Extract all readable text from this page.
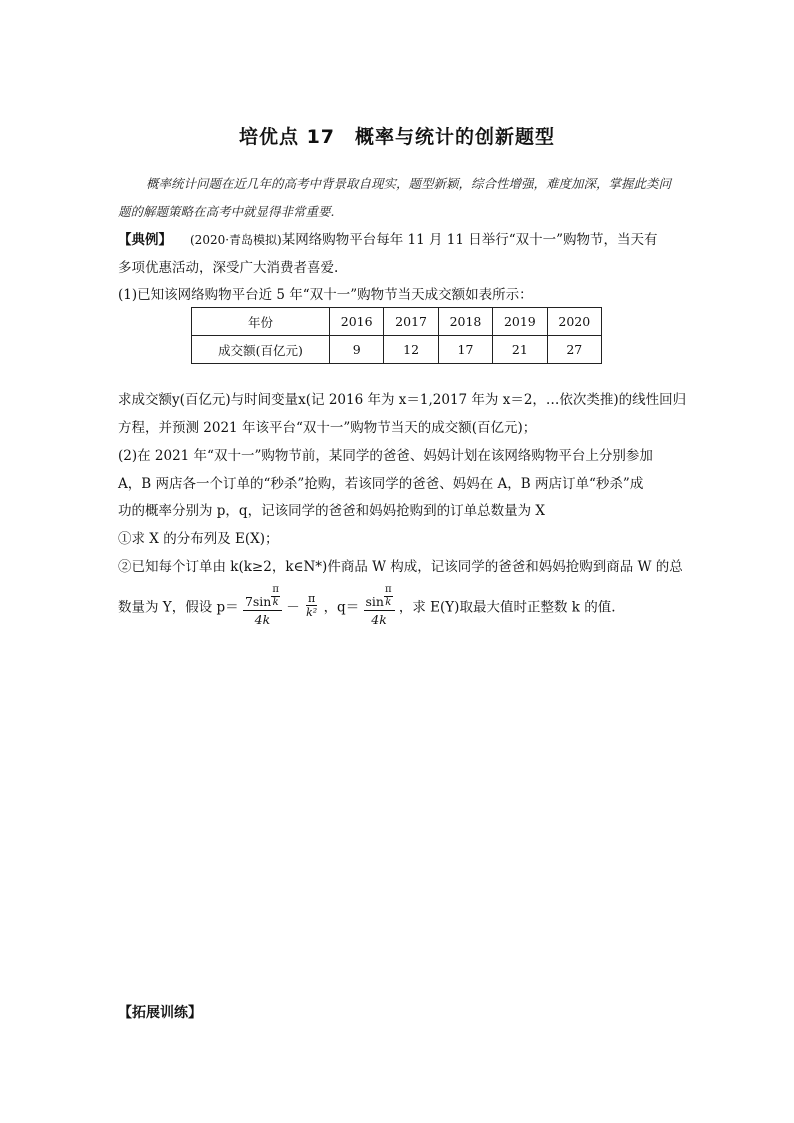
培优点 17　概率与统计的创新题型
概率统计问题在近几年的高考中背景取自现实，题型新颖，综合性增强，难度加深，掌握此类问题的解题策略在高考中就显得非常重要.
【典例】 (2020·青岛模拟)某网络购物平台每年 11 月 11 日举行“双十一”购物节，当天有
多项优惠活动，深受广大消费者喜爱.
(1)已知该网络购物平台近 5 年“双十一”购物节当天成交额如表所示：
年份	2016	2017	2018	2019	2020
成交额(百亿元)	9	12	17	21	27
求成交额y(百亿元)与时间变量x(记 2016 年为 x＝1,2017 年为 x＝2，…依次类推)的线性回归
方程，并预测 2021 年该平台“双十一”购物节当天的成交额(百亿元)；
(2)在 2021 年“双十一”购物节前，某同学的爸爸、妈妈计划在该网络购物平台上分别参加
A，B 两店各一个订单的“秒杀”抢购，若该同学的爸爸、妈妈在 A，B 两店订单“秒杀”成
功的概率分别为 p，q，记该同学的爸爸和妈妈抢购到的订单总数量为 X
①求 X 的分布列及 E(X)；
②已知每个订单由 k(k≥2，k∈N*)件商品 W 构成，记该同学的爸爸和妈妈抢购到商品 W 的总
数量为 Y，假设 $p= \frac{7\sin \frac{\pi}{k}}{4k} - \frac{\pi}{\text{k²}}$ ，$q= \frac{\sin \frac{\pi}{k}}{4k}$ ，求 E(Y)取最大值时正整数 k 的值.
【拓展训练】
